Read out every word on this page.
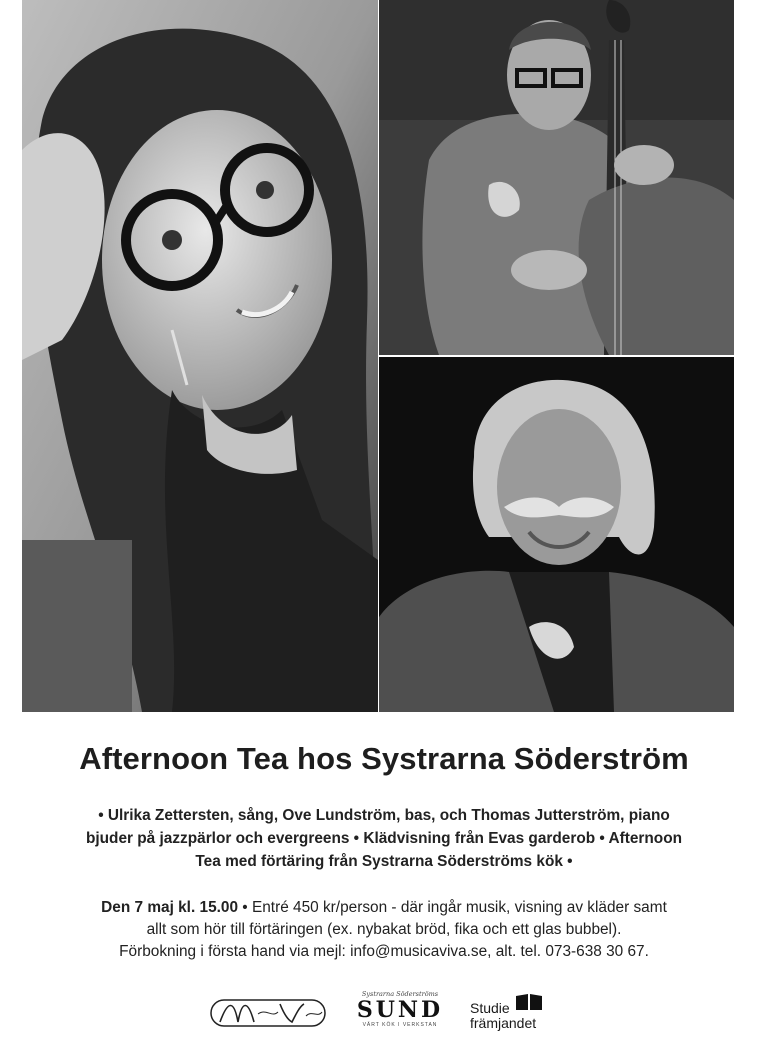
Afternoon Tea hos Systrarna Söderström
• Ulrika Zettersten, sång, Ove Lundström, bas, och Thomas Jutterström, piano
bjuder på jazzpärlor och evergreens • Klädvisning från Evas garderob • Afternoon
Tea med förtäring från Systrarna Söderströms kök •
Den 7 maj kl. 15.00 • Entré 450 kr/person - där ingår musik, visning av kläder samt
allt som hör till förtäringen (ex. nybakat bröd, fika och ett glas bubbel).
Förbokning i första hand via mejl: info@musicaviva.se, alt. tel. 073-638 30 67.
Systrarna Söderströms
SUND
VÄRT KÖK I VERKSTAN
Studie
främjandet
